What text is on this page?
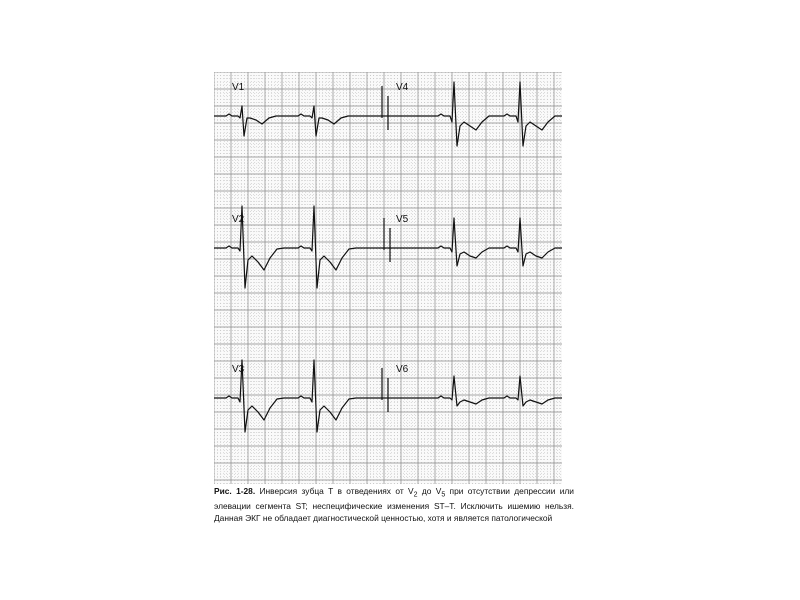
V1	V4
V2	V5
V3	V6
Рис. 1-28. Инверсия зубца T в отведениях от $V_2$ до $V_5$ при отсутствии депрессии или элевации сегмента ST; неспецифические изменения ST–T. Исключить ишемию нельзя. Данная ЭКГ не обладает диагностической ценностью, хотя и является патологической
